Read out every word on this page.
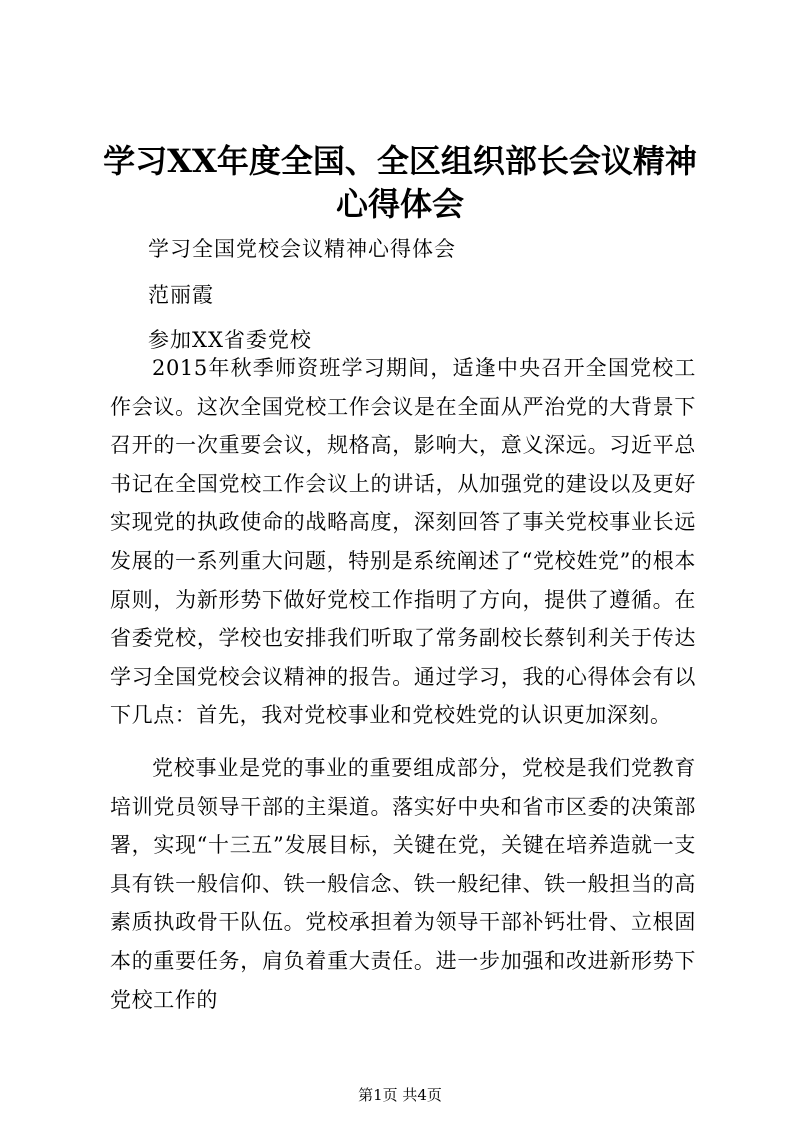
学习XX年度全国、全区组织部长会议精神心得体会
学习全国党校会议精神心得体会
范丽霞
参加XX省委党校

2015年秋季师资班学习期间，适逢中央召开全国党校工作会议。这次全国党校工作会议是在全面从严治党的大背景下召开的一次重要会议，规格高，影响大，意义深远。习近平总书记在全国党校工作会议上的讲话，从加强党的建设以及更好实现党的执政使命的战略高度，深刻回答了事关党校事业长远发展的一系列重大问题，特别是系统阐述了“党校姓党”的根本原则，为新形势下做好党校工作指明了方向，提供了遵循。在省委党校，学校也安排我们听取了常务副校长蔡钊利关于传达学习全国党校会议精神的报告。通过学习，我的心得体会有以下几点：首先，我对党校事业和党校姓党的认识更加深刻。

党校事业是党的事业的重要组成部分，党校是我们党教育培训党员领导干部的主渠道。落实好中央和省市区委的决策部署，实现“十三五”发展目标，关键在党，关键在培养造就一支具有铁一般信仰、铁一般信念、铁一般纪律、铁一般担当的高素质执政骨干队伍。党校承担着为领导干部补钙壮骨、立根固本的重要任务，肩负着重大责任。进一步加强和改进新形势下党校工作的

第1页 共4页
